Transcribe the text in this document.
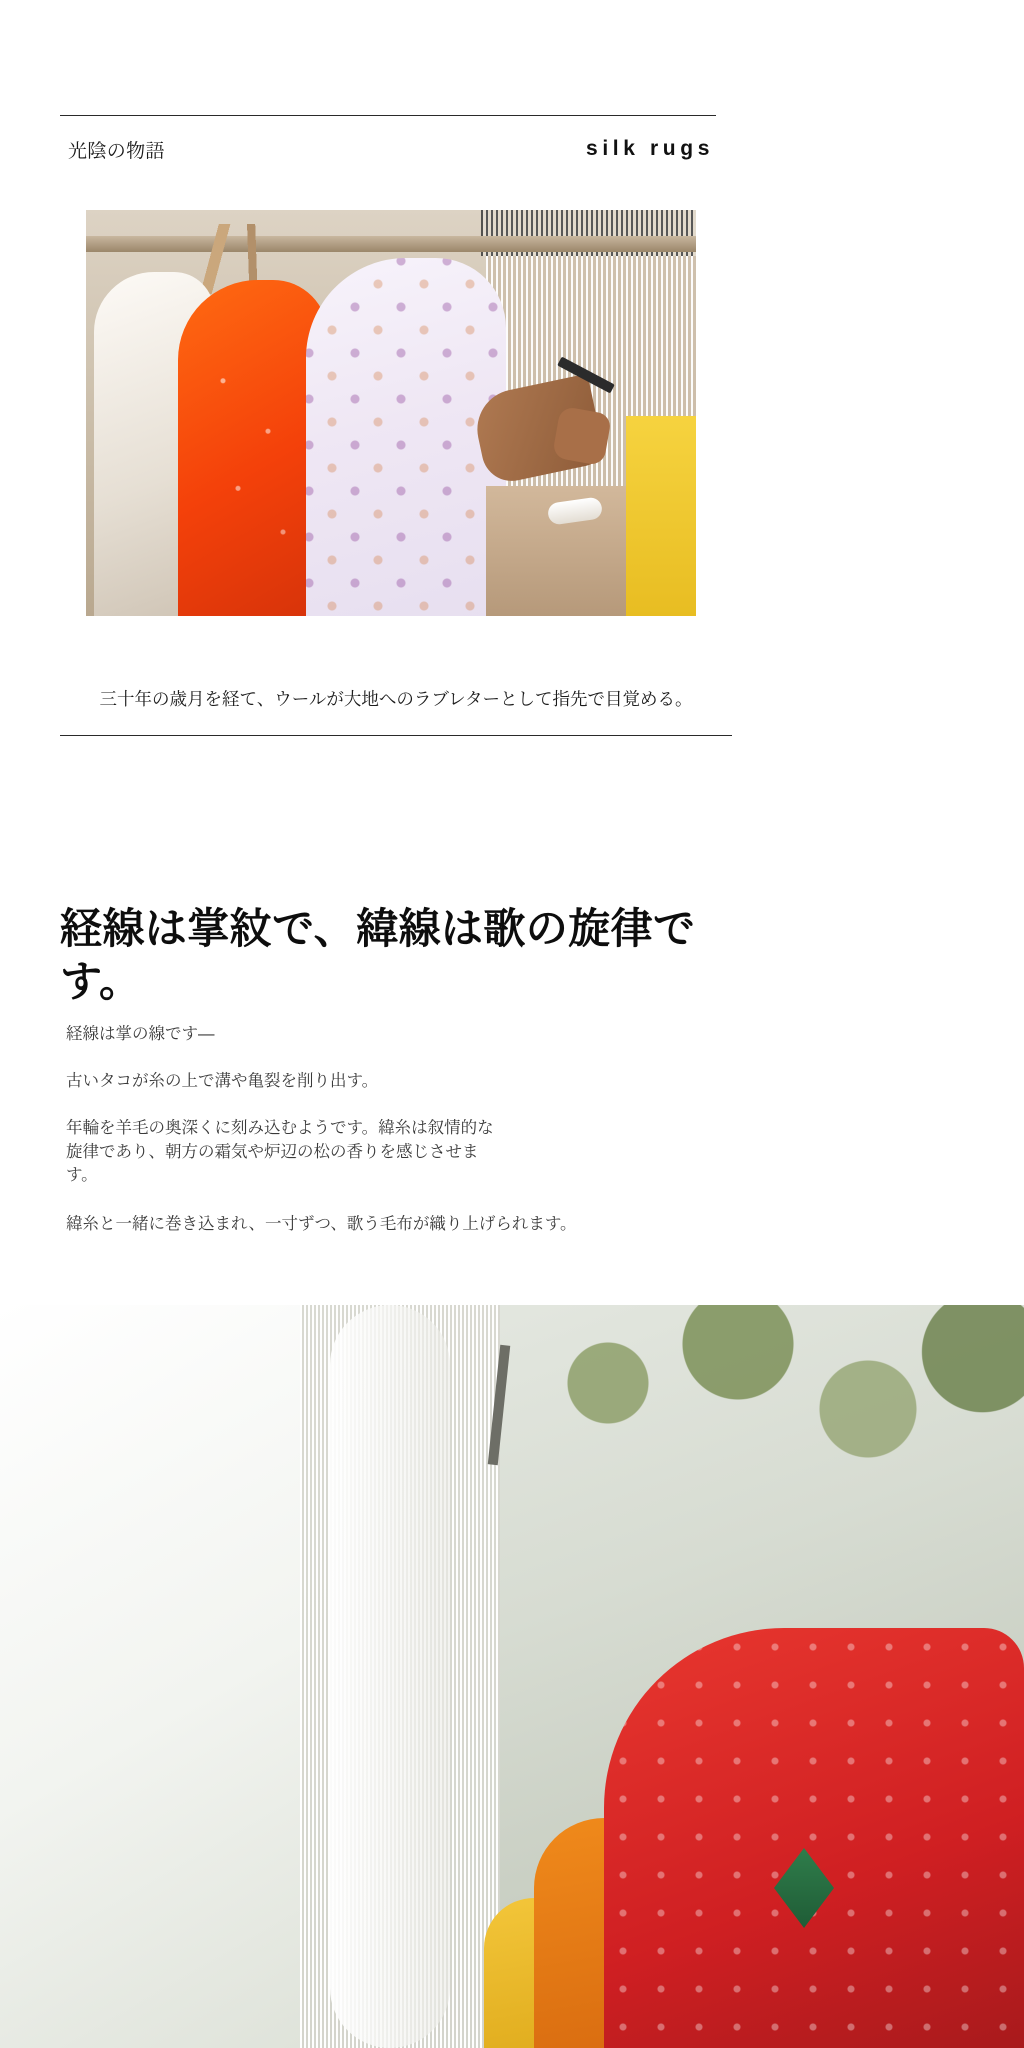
光陰の物語	silk rugs
三十年の歳月を経て、ウールが大地へのラブレターとして指先で目覚める。
経線は掌紋で、緯線は歌の旋律です。

経線は掌の線です—

古いタコが糸の上で溝や亀裂を削り出す。

年輪を羊毛の奥深くに刻み込むようです。緯糸は叙情的な旋律であり、朝方の霜気や炉辺の松の香りを感じさせます。

緯糸と一緒に巻き込まれ、一寸ずつ、歌う毛布が織り上げられます。
